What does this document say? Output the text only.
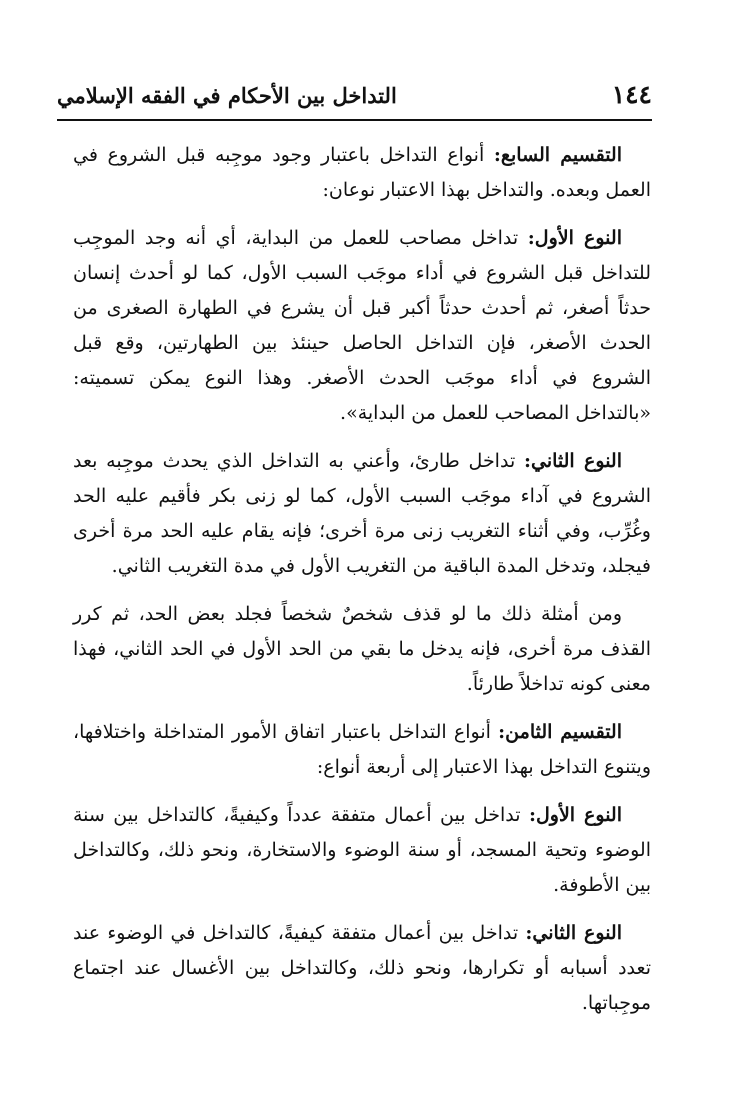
١٤٤
التداخل بين الأحكام في الفقه الإسلامي

التقسيم السابع: أنواع التداخل باعتبار وجود موجِبه قبل الشروع في العمل وبعده. والتداخل بهذا الاعتبار نوعان:

النوع الأول: تداخل مصاحب للعمل من البداية، أي أنه وجد الموجِب للتداخل قبل الشروع في أداء موجَب السبب الأول، كما لو أحدث إنسان حدثاً أصغر، ثم أحدث حدثاً أكبر قبل أن يشرع في الطهارة الصغرى من الحدث الأصغر، فإن التداخل الحاصل حينئذ بين الطهارتين، وقع قبل الشروع في أداء موجَب الحدث الأصغر. وهذا النوع يمكن تسميته: «بالتداخل المصاحب للعمل من البداية».

النوع الثاني: تداخل طارئ، وأعني به التداخل الذي يحدث موجِبه بعد الشروع في آداء موجَب السبب الأول، كما لو زنى بكر فأقيم عليه الحد وغُرِّب، وفي أثناء التغريب زنى مرة أخرى؛ فإنه يقام عليه الحد مرة أخرى فيجلد، وتدخل المدة الباقية من التغريب الأول في مدة التغريب الثاني.

ومن أمثلة ذلك ما لو قذف شخصٌ شخصاً فجلد بعض الحد، ثم كرر القذف مرة أخرى، فإنه يدخل ما بقي من الحد الأول في الحد الثاني، فهذا معنى كونه تداخلاً طارئاً.

التقسيم الثامن: أنواع التداخل باعتبار اتفاق الأمور المتداخلة واختلافها، ويتنوع التداخل بهذا الاعتبار إلى أربعة أنواع:

النوع الأول: تداخل بين أعمال متفقة عدداً وكيفيةً، كالتداخل بين سنة الوضوء وتحية المسجد، أو سنة الوضوء والاستخارة، ونحو ذلك، وكالتداخل بين الأطوفة.

النوع الثاني: تداخل بين أعمال متفقة كيفيةً، كالتداخل في الوضوء عند تعدد أسبابه أو تكرارها، ونحو ذلك، وكالتداخل بين الأغسال عند اجتماع موجِباتها.
